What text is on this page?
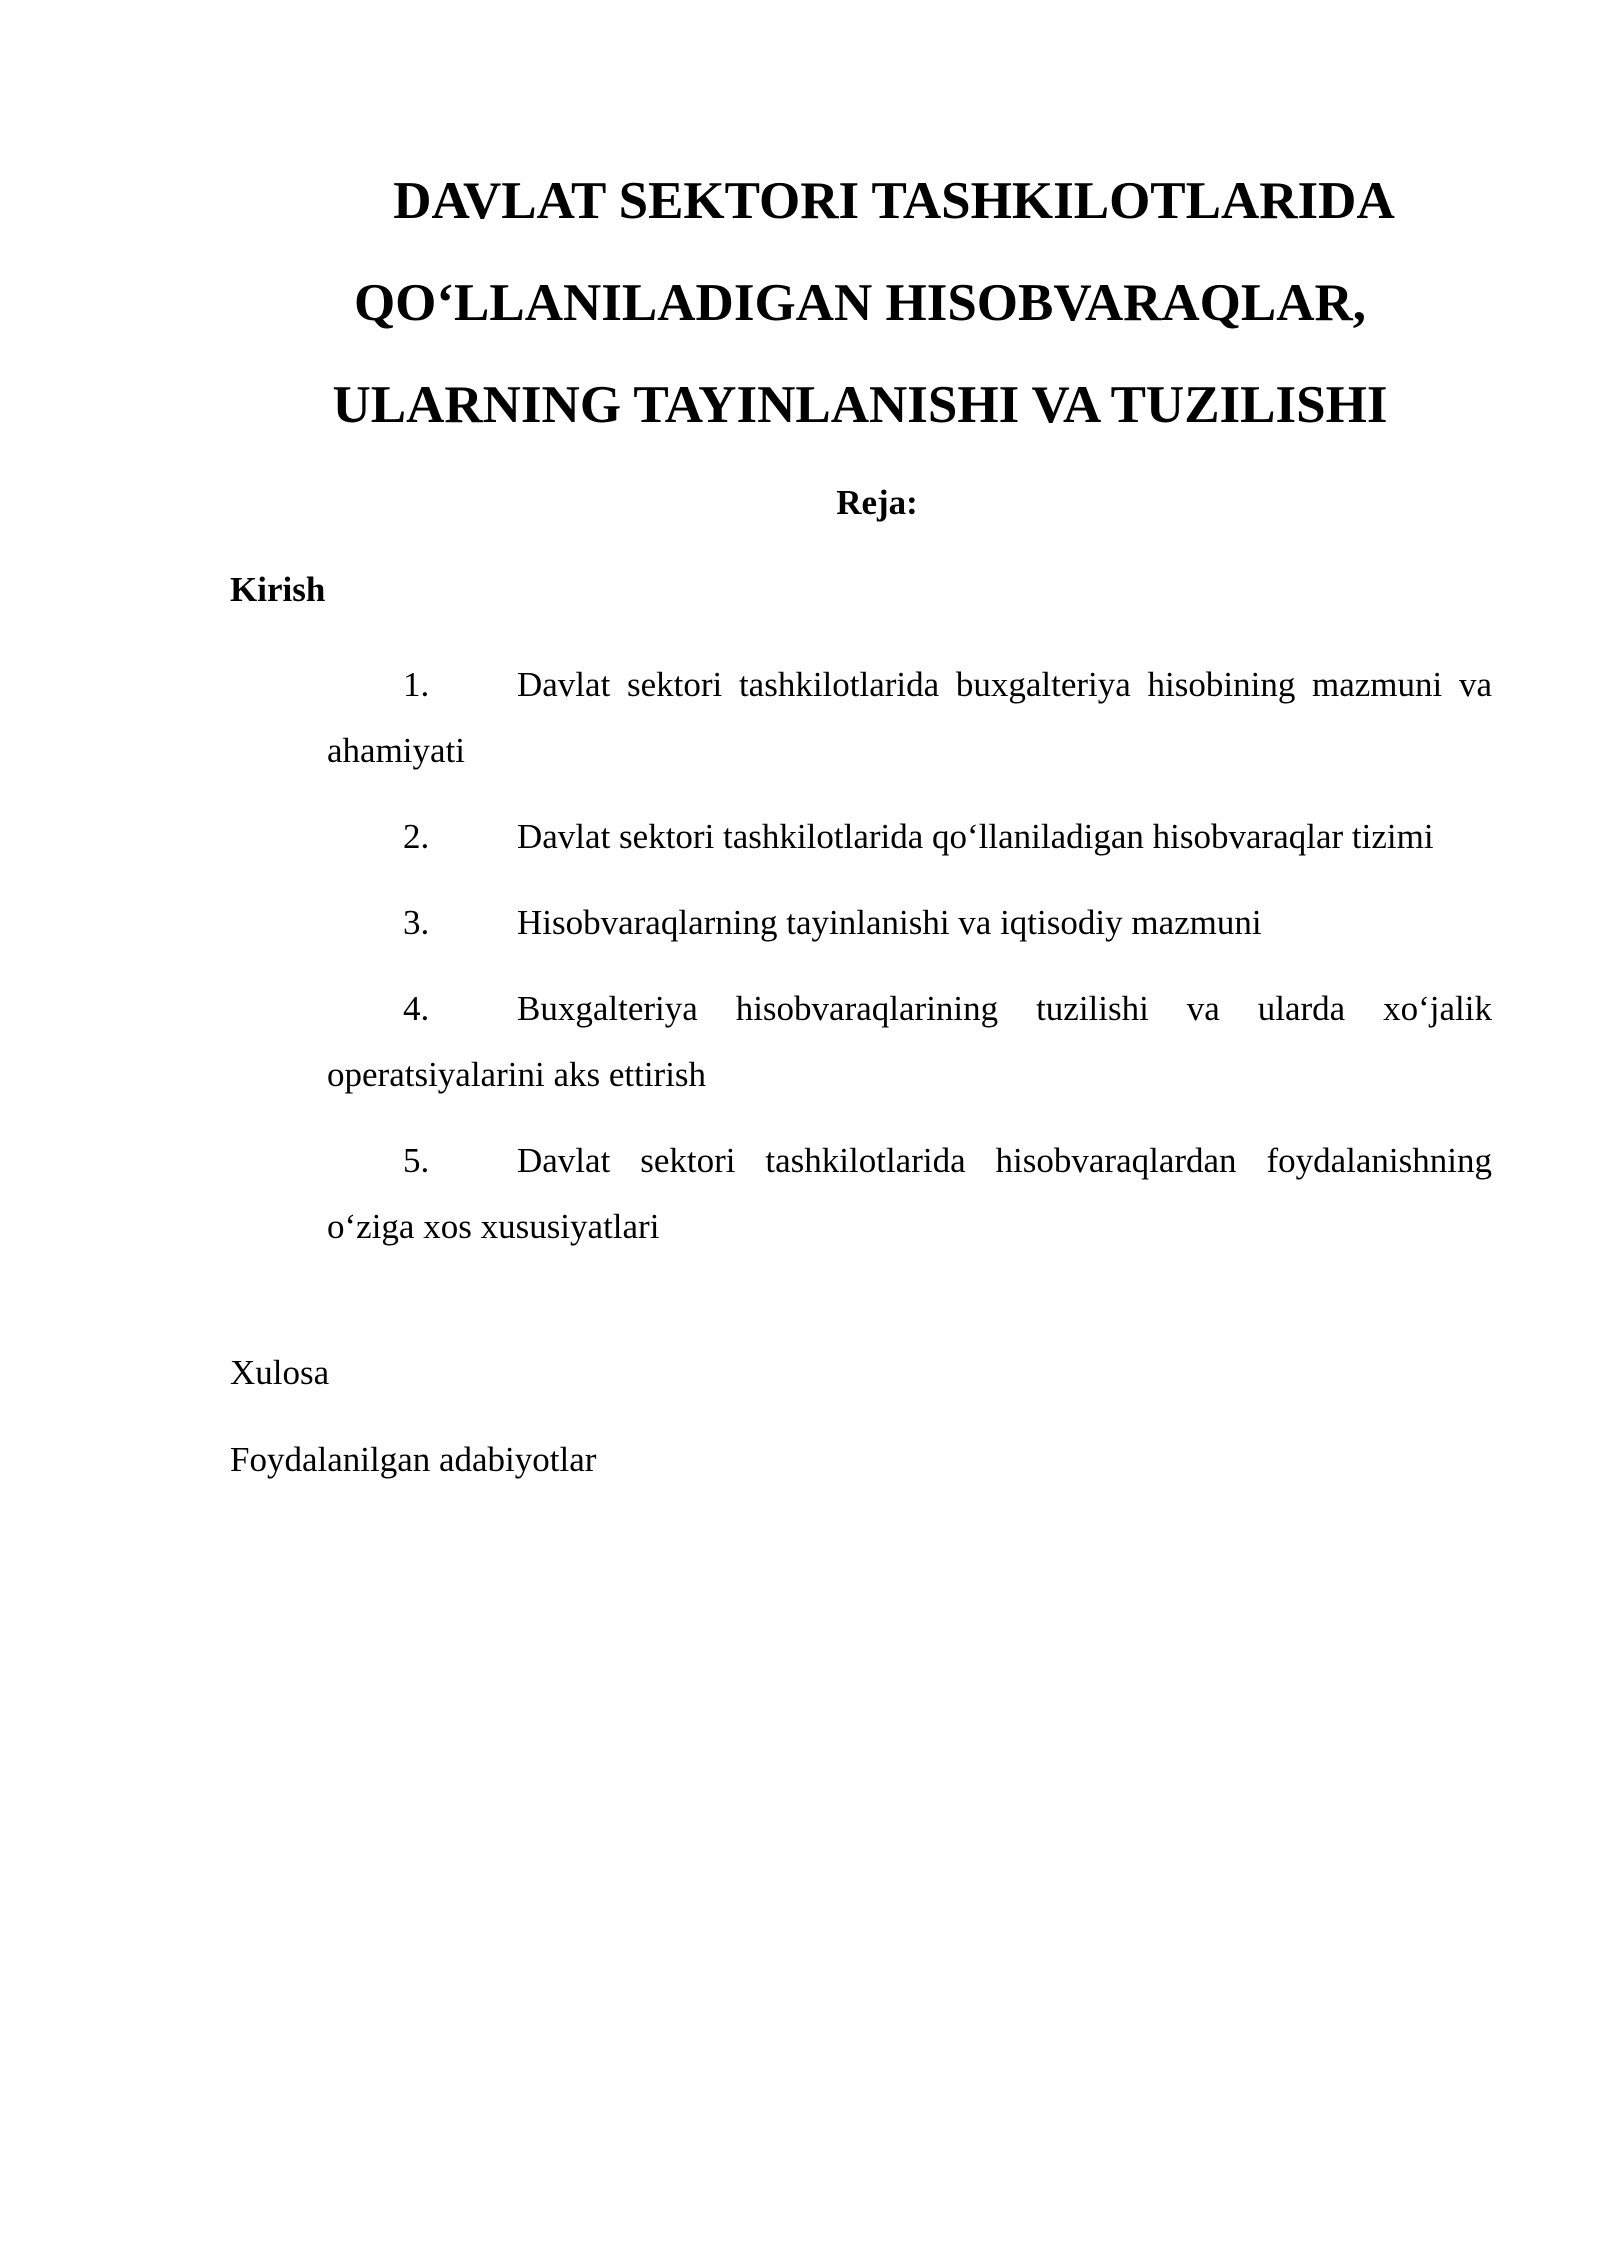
DAVLAT SEKTORI TASHKILOTLARIDA
QO‘LLANILADIGAN HISOBVARAQLAR,
ULARNING TAYINLANISHI VA TUZILISHI

Reja:

Kirish

1.	Davlat sektori tashkilotlarida buxgalteriya hisobining mazmuni va ahamiyati
2.	Davlat sektori tashkilotlarida qo‘llaniladigan hisobvaraqlar tizimi
3.	Hisobvaraqlarning tayinlanishi va iqtisodiy mazmuni
4.	Buxgalteriya hisobvaraqlarining tuzilishi va ularda xo‘jalik operatsiyalarini aks ettirish
5.	Davlat sektori tashkilotlarida hisobvaraqlardan foydalanishning o‘ziga xos xususiyatlari

Xulosa

Foydalanilgan adabiyotlar
